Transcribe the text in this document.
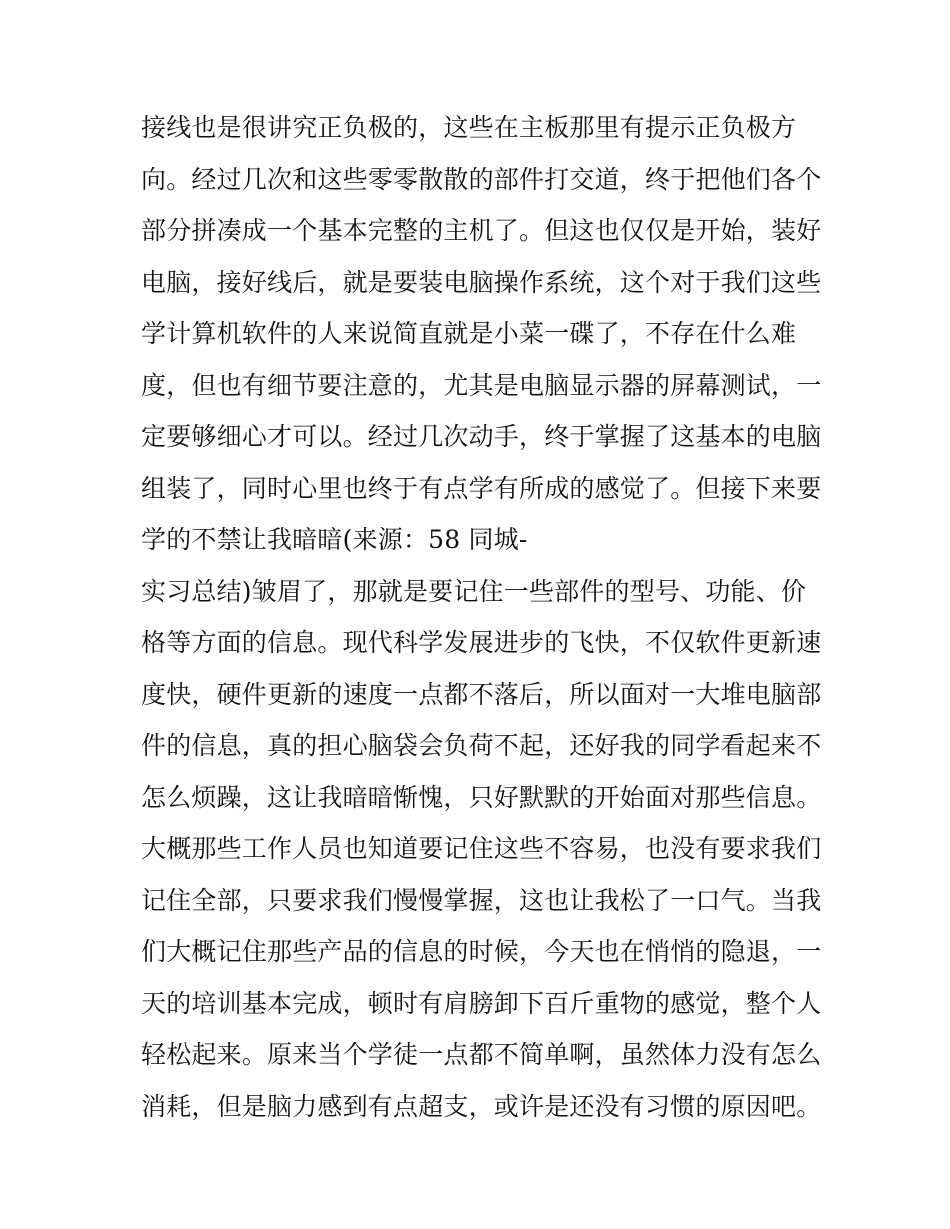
接线也是很讲究正负极的，这些在主板那里有提示正负极方
向。经过几次和这些零零散散的部件打交道，终于把他们各个
部分拼凑成一个基本完整的主机了。但这也仅仅是开始，装好
电脑，接好线后，就是要装电脑操作系统，这个对于我们这些
学计算机软件的人来说简直就是小菜一碟了，不存在什么难
度，但也有细节要注意的，尤其是电脑显示器的屏幕测试，一
定要够细心才可以。经过几次动手，终于掌握了这基本的电脑
组装了，同时心里也终于有点学有所成的感觉了。但接下来要
学的不禁让我暗暗(来源：58 同城-
实习总结)皱眉了，那就是要记住一些部件的型号、功能、价
格等方面的信息。现代科学发展进步的飞快，不仅软件更新速
度快，硬件更新的速度一点都不落后，所以面对一大堆电脑部
件的信息，真的担心脑袋会负荷不起，还好我的同学看起来不
怎么烦躁，这让我暗暗惭愧，只好默默的开始面对那些信息。
大概那些工作人员也知道要记住这些不容易，也没有要求我们
记住全部，只要求我们慢慢掌握，这也让我松了一口气。当我
们大概记住那些产品的信息的时候，今天也在悄悄的隐退，一
天的培训基本完成，顿时有肩膀卸下百斤重物的感觉，整个人
轻松起来。原来当个学徒一点都不简单啊，虽然体力没有怎么
消耗，但是脑力感到有点超支，或许是还没有习惯的原因吧。
